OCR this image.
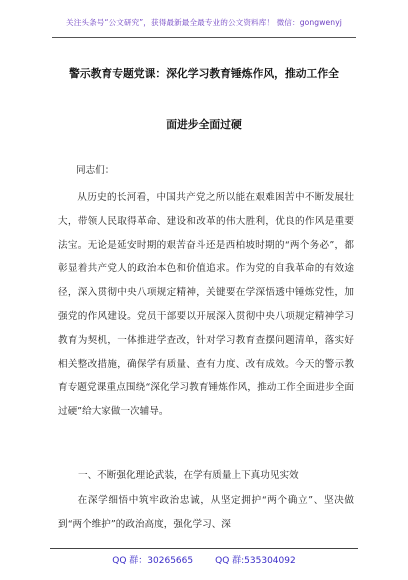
关注头条号“公文研究”，获得最新最全最专业的公文资料库！ 微信：gongwenyj
警示教育专题党课：深化学习教育锤炼作风，推动工作全
面进步全面过硬
同志们：
从历史的长河看，中国共产党之所以能在艰难困苦中不断发展壮大，带领人民取得革命、建设和改革的伟大胜利，优良的作风是重要法宝。无论是延安时期的艰苦奋斗还是西柏坡时期的“两个务必”，都彰显着共产党人的政治本色和价值追求。作为党的自我革命的有效途径，深入贯彻中央八项规定精神，关键要在学深悟透中锤炼党性，加强党的作风建设。党员干部要以开展深入贯彻中央八项规定精神学习教育为契机，一体推进学查改，针对学习教育查摆问题清单，落实好相关整改措施，确保学有质量、查有力度、改有成效。今天的警示教育专题党课重点围绕“深化学习教育锤炼作风，推动工作全面进步全面过硬”给大家做一次辅导。
一、不断强化理论武装，在学有质量上下真功见实效
在深学细悟中筑牢政治忠诚，从坚定拥护“两个确立”、坚决做到“两个维护”的政治高度，强化学习、深
QQ 群：30265665 QQ 群:535304092
